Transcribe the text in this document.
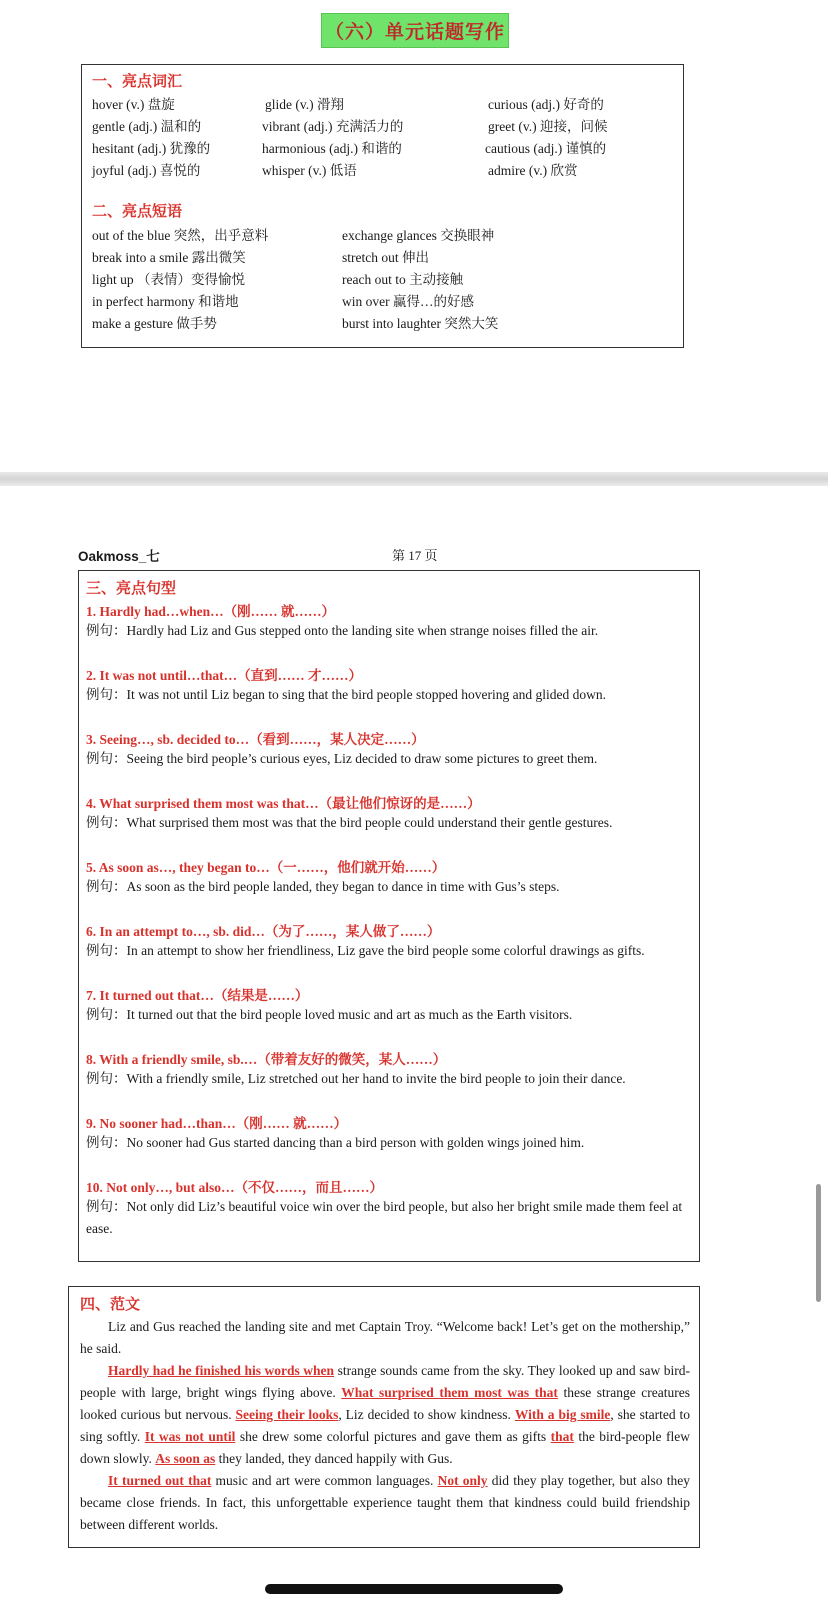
（六）单元话题写作
一、亮点词汇
hover (v.) 盘旋	glide (v.) 滑翔	curious (adj.) 好奇的
gentle (adj.) 温和的	vibrant (adj.) 充满活力的	greet (v.) 迎接，问候
hesitant (adj.) 犹豫的	harmonious (adj.) 和谐的	cautious (adj.) 谨慎的
joyful (adj.) 喜悦的	whisper (v.) 低语	admire (v.) 欣赏
二、亮点短语
out of the blue 突然，出乎意料	exchange glances 交换眼神
break into a smile 露出微笑	stretch out 伸出
light up （表情）变得愉悦	reach out to 主动接触
in perfect harmony 和谐地	win over 赢得…的好感
make a gesture 做手势	burst into laughter 突然大笑
Oakmoss_七	第 17 页
三、亮点句型
1. Hardly had…when…（刚…… 就……）
例句：Hardly had Liz and Gus stepped onto the landing site when strange noises filled the air.
2. It was not until…that…（直到…… 才……）
例句：It was not until Liz began to sing that the bird people stopped hovering and glided down.
3. Seeing…, sb. decided to…（看到……，某人决定……）
例句：Seeing the bird people’s curious eyes, Liz decided to draw some pictures to greet them.
4. What surprised them most was that…（最让他们惊讶的是……）
例句：What surprised them most was that the bird people could understand their gentle gestures.
5. As soon as…, they began to…（一……，他们就开始……）
例句：As soon as the bird people landed, they began to dance in time with Gus’s steps.
6. In an attempt to…, sb. did…（为了……，某人做了……）
例句：In an attempt to show her friendliness, Liz gave the bird people some colorful drawings as gifts.
7. It turned out that…（结果是……）
例句：It turned out that the bird people loved music and art as much as the Earth visitors.
8. With a friendly smile, sb.…（带着友好的微笑，某人……）
例句：With a friendly smile, Liz stretched out her hand to invite the bird people to join their dance.
9. No sooner had…than…（刚…… 就……）
例句：No sooner had Gus started dancing than a bird person with golden wings joined him.
10. Not only…, but also…（不仅……，而且……）
例句：Not only did Liz’s beautiful voice win over the bird people, but also her bright smile made them feel at ease.
四、范文

Liz and Gus reached the landing site and met Captain Troy. “Welcome back! Let’s get on the mothership,” he said.

Hardly had he finished his words when strange sounds came from the sky. They looked up and saw bird-people with large, bright wings flying above. What surprised them most was that these strange creatures looked curious but nervous. Seeing their looks, Liz decided to show kindness. With a big smile, she started to sing softly. It was not until she drew some colorful pictures and gave them as gifts that the bird-people flew down slowly. As soon as they landed, they danced happily with Gus.

It turned out that music and art were common languages. Not only did they play together, but also they became close friends. In fact, this unforgettable experience taught them that kindness could build friendship between different worlds.
